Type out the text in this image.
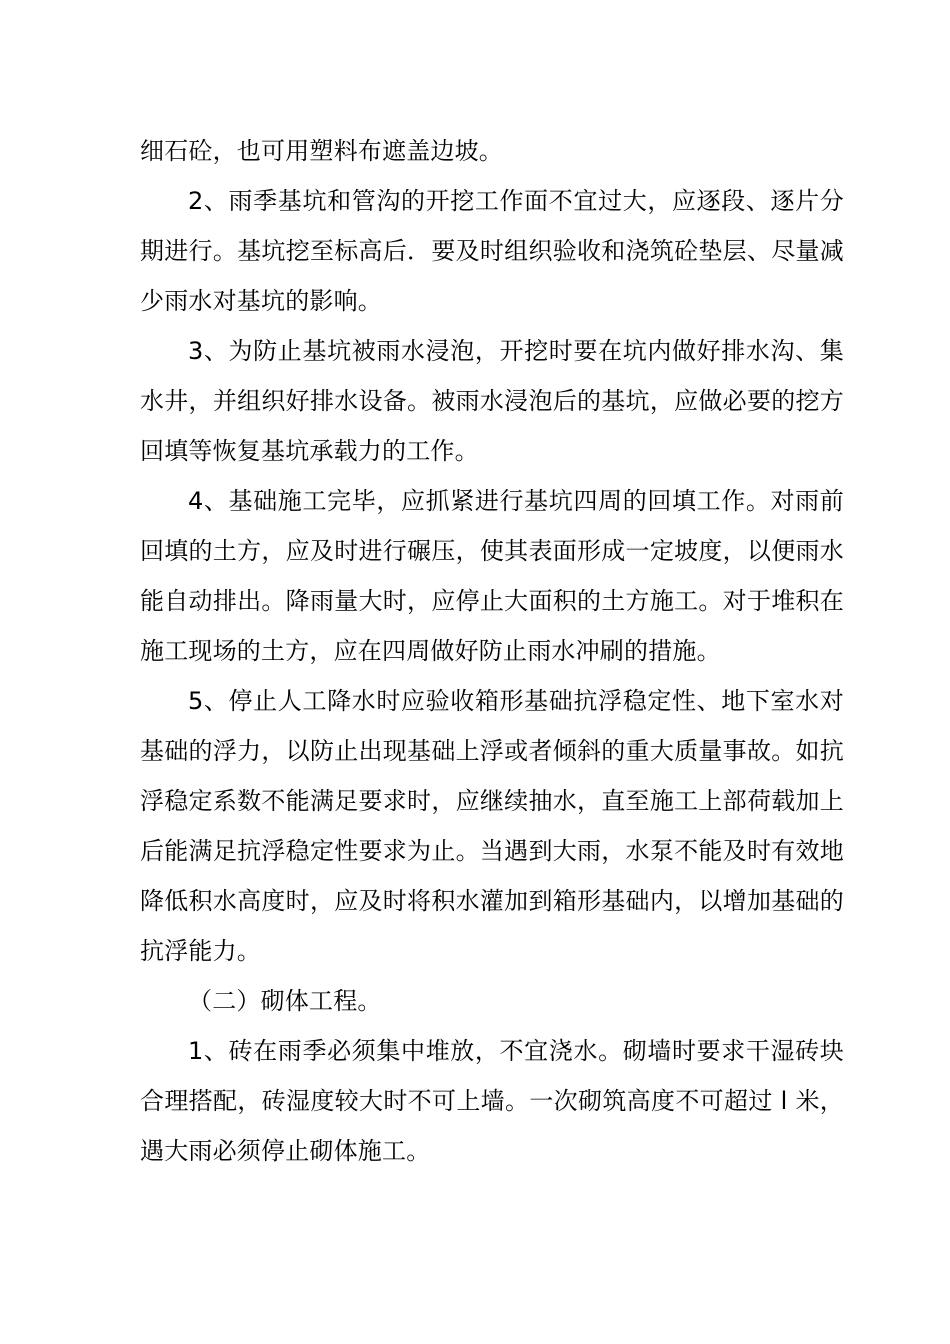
细石砼，也可用塑料布遮盖边坡。

2、雨季基坑和管沟的开挖工作面不宜过大，应逐段、逐片分期进行。基坑挖至标高后．要及时组织验收和浇筑砼垫层、尽量减少雨水对基坑的影响。

3、为防止基坑被雨水浸泡，开挖时要在坑内做好排水沟、集水井，并组织好排水设备。被雨水浸泡后的基坑，应做必要的挖方回填等恢复基坑承载力的工作。

4、基础施工完毕，应抓紧进行基坑四周的回填工作。对雨前回填的土方，应及时进行碾压，使其表面形成一定坡度，以便雨水能自动排出。降雨量大时，应停止大面积的土方施工。对于堆积在施工现场的土方，应在四周做好防止雨水冲刷的措施。

5、停止人工降水时应验收箱形基础抗浮稳定性、地下室水对基础的浮力，以防止出现基础上浮或者倾斜的重大质量事故。如抗浮稳定系数不能满足要求时，应继续抽水，直至施工上部荷载加上后能满足抗浮稳定性要求为止。当遇到大雨，水泵不能及时有效地降低积水高度时，应及时将积水灌加到箱形基础内，以增加基础的抗浮能力。

（二）砌体工程。

1、砖在雨季必须集中堆放，不宜浇水。砌墙时要求干湿砖块合理搭配，砖湿度较大时不可上墙。一次砌筑高度不可超过 l 米，遇大雨必须停止砌体施工。
